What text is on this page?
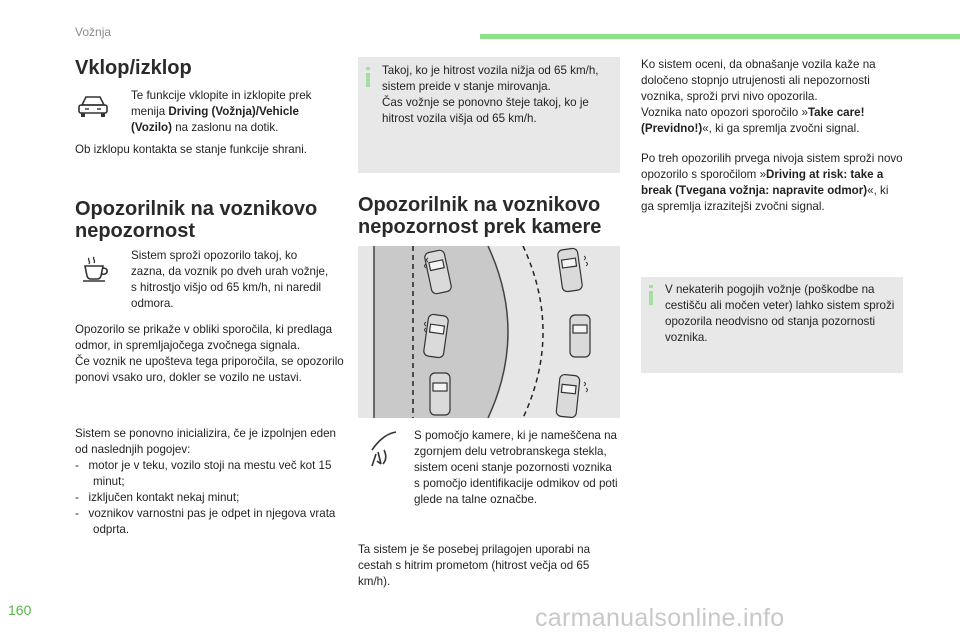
Vožnja
Vklop/izklop
Te funkcije vklopite in izklopite prek menija Driving (Vožnja)/Vehicle (Vozilo) na zaslonu na dotik.
Ob izklopu kontakta se stanje funkcije shrani.
Opozorilnik na voznikovo
nepozornost
Sistem sproži opozorilo takoj, ko zazna, da voznik po dveh urah vožnje, s hitrostjo višjo od 65 km/h, ni naredil odmora.

Opozorilo se prikaže v obliki sporočila, ki predlaga odmor, in spremljajočega zvočnega signala.

Če voznik ne upošteva tega priporočila, se opozorilo ponovi vsako uro, dokler se vozilo ne ustavi.

Sistem se ponovno inicializira, če je izpolnjen eden od naslednjih pogojev:

-   motor je v teku, vozilo stoji na mestu več kot 15 minut;

-   izključen kontakt nekaj minut;

-   voznikov varnostni pas je odpet in njegova vrata odprta.

Takoj, ko je hitrost vozila nižja od 65 km/h, sistem preide v stanje mirovanja.

Čas vožnje se ponovno šteje takoj, ko je hitrost vozila višja od 65 km/h.

Opozorilnik na voznikovo
nepozornost prek kamere
S pomočjo kamere, ki je nameščena na zgornjem delu vetrobranskega stekla, sistem oceni stanje pozornosti voznika s pomočjo identifikacije odmikov od poti glede na talne označbe.
Ta sistem je še posebej prilagojen uporabi na cestah s hitrim prometom (hitrost večja od 65 km/h).

Ko sistem oceni, da obnašanje vozila kaže na določeno stopnjo utrujenosti ali nepozornosti voznika, sproži prvi nivo opozorila.

Voznika nato opozori sporočilo »Take care! (Previdno!)«, ki ga spremlja zvočni signal.

Po treh opozorilih prvega nivoja sistem sproži novo opozorilo s sporočilom »Driving at risk: take a break (Tvegana vožnja: napravite odmor)«, ki ga spremlja izrazitejši zvočni signal.
V nekaterih pogojih vožnje (poškodbe na cestišču ali močen veter) lahko sistem sproži opozorila neodvisno od stanja pozornosti voznika.
160	carmanualsonline.info
